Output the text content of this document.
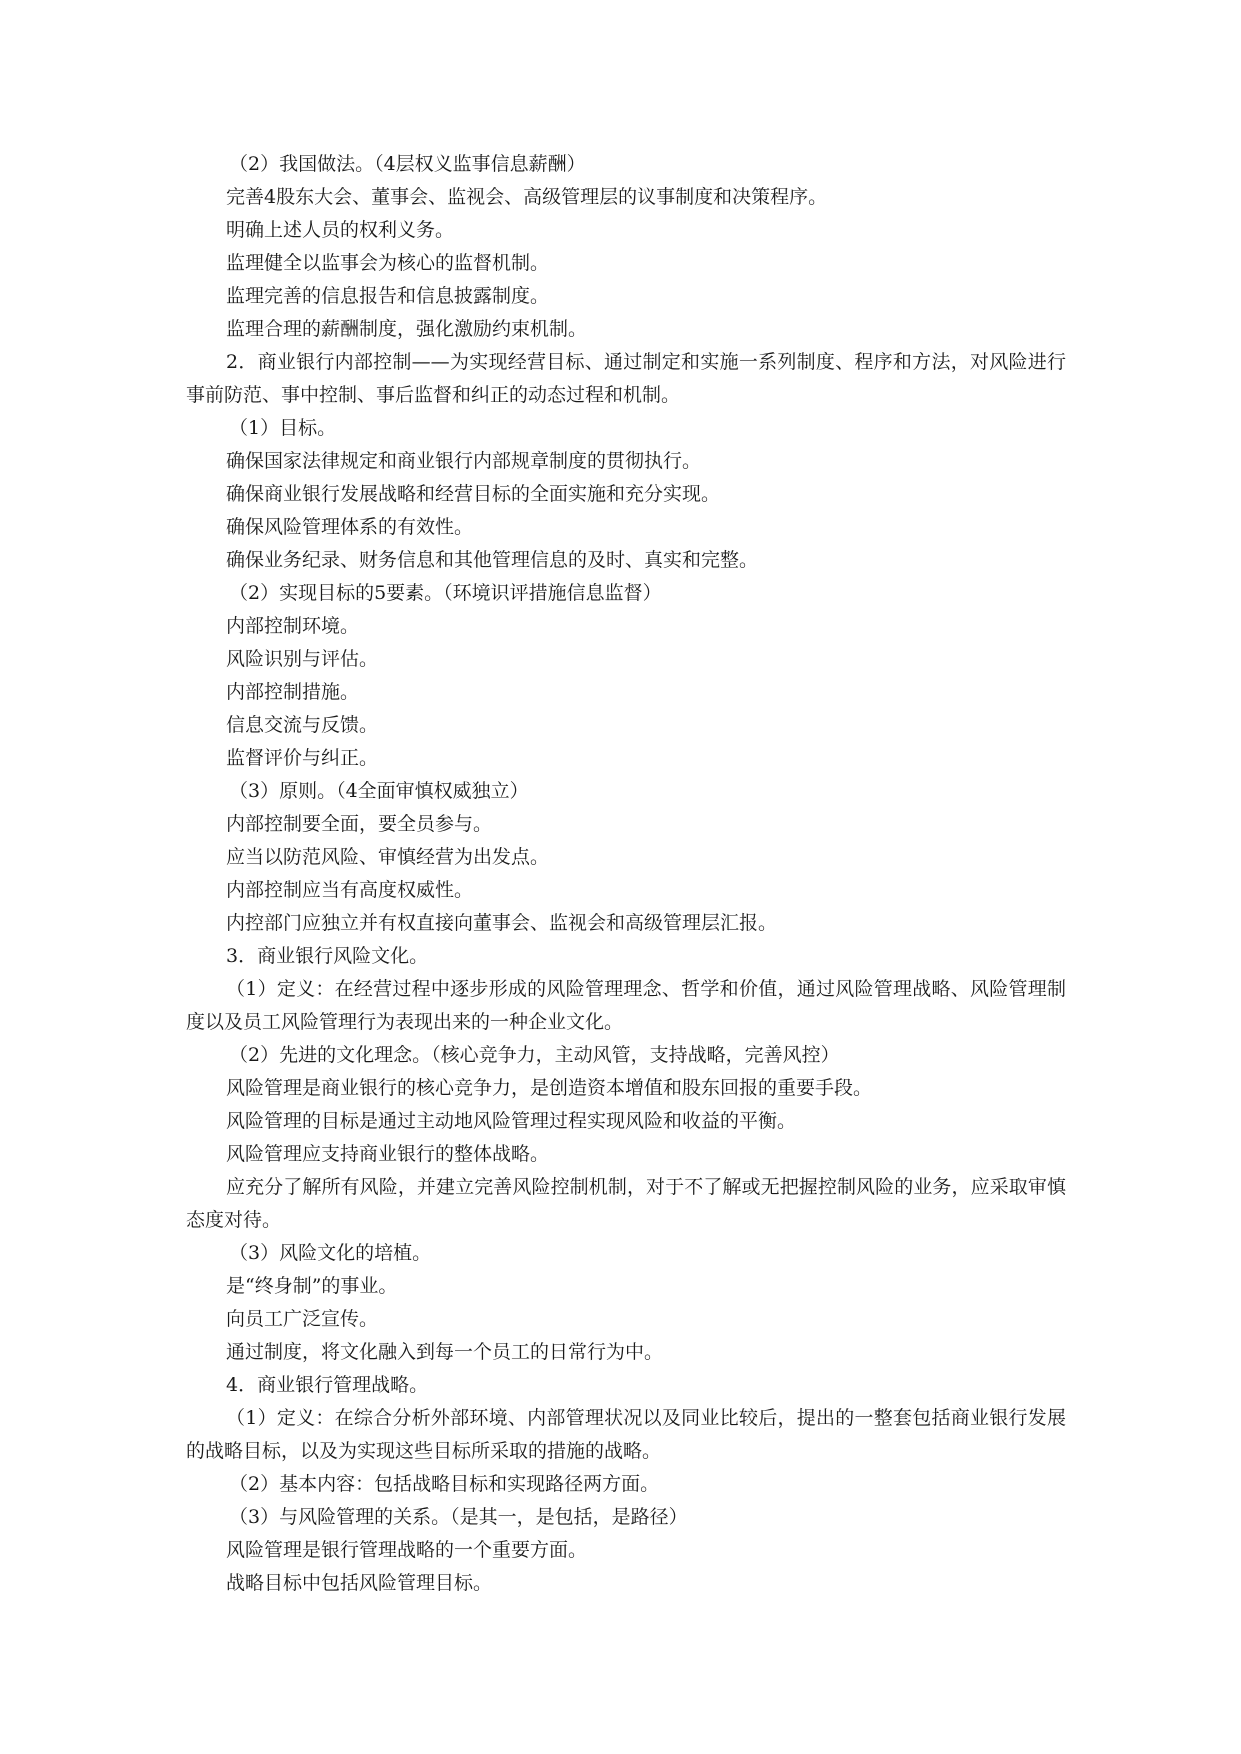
（2）我国做法。（4层权义监事信息薪酬）
完善4股东大会、董事会、监视会、高级管理层的议事制度和决策程序。
明确上述人员的权利义务。
监理健全以监事会为核心的监督机制。
监理完善的信息报告和信息披露制度。
监理合理的薪酬制度，强化激励约束机制。

2．商业银行内部控制——为实现经营目标、通过制定和实施一系列制度、程序和方法，对风险进行事前防范、事中控制、事后监督和纠正的动态过程和机制。

（1）目标。
确保国家法律规定和商业银行内部规章制度的贯彻执行。
确保商业银行发展战略和经营目标的全面实施和充分实现。
确保风险管理体系的有效性。
确保业务纪录、财务信息和其他管理信息的及时、真实和完整。
（2）实现目标的5要素。（环境识评措施信息监督）
内部控制环境。
风险识别与评估。
内部控制措施。
信息交流与反馈。
监督评价与纠正。
（3）原则。（4全面审慎权威独立）
内部控制要全面，要全员参与。
应当以防范风险、审慎经营为出发点。
内部控制应当有高度权威性。
内控部门应独立并有权直接向董事会、监视会和高级管理层汇报。
3．商业银行风险文化。

（1）定义：在经营过程中逐步形成的风险管理理念、哲学和价值，通过风险管理战略、风险管理制度以及员工风险管理行为表现出来的一种企业文化。

（2）先进的文化理念。（核心竞争力，主动风管，支持战略，完善风控）
风险管理是商业银行的核心竞争力，是创造资本增值和股东回报的重要手段。
风险管理的目标是通过主动地风险管理过程实现风险和收益的平衡。
风险管理应支持商业银行的整体战略。

应充分了解所有风险，并建立完善风险控制机制，对于不了解或无把握控制风险的业务，应采取审慎态度对待。

（3）风险文化的培植。
是“终身制”的事业。
向员工广泛宣传。
通过制度，将文化融入到每一个员工的日常行为中。
4．商业银行管理战略。

（1）定义：在综合分析外部环境、内部管理状况以及同业比较后，提出的一整套包括商业银行发展的战略目标，以及为实现这些目标所采取的措施的战略。

（2）基本内容：包括战略目标和实现路径两方面。
（3）与风险管理的关系。（是其一，是包括，是路径）
风险管理是银行管理战略的一个重要方面。
战略目标中包括风险管理目标。
